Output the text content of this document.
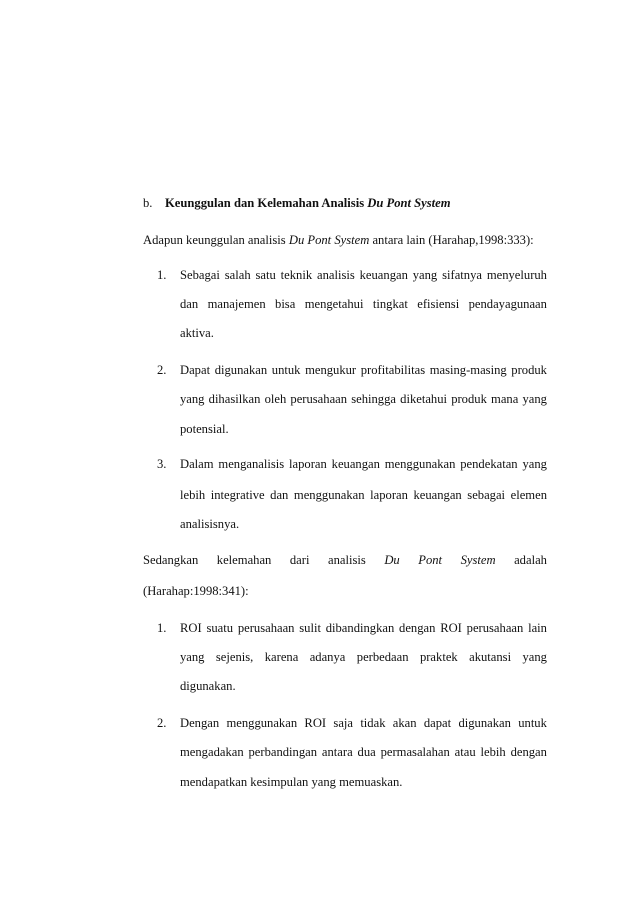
b. Keunggulan dan Kelemahan Analisis Du Pont System
Adapun keunggulan analisis Du Pont System antara lain (Harahap,1998:333):
1. Sebagai salah satu teknik analisis keuangan yang sifatnya menyeluruh
dan manajemen bisa mengetahui tingkat efisiensi pendayagunaan
aktiva.
2. Dapat digunakan untuk mengukur profitabilitas masing-masing produk
yang dihasilkan oleh perusahaan sehingga diketahui produk mana yang
potensial.
3. Dalam menganalisis laporan keuangan menggunakan pendekatan yang
lebih integrative dan menggunakan laporan keuangan sebagai elemen
analisisnya.
Sedangkan kelemahan dari analisis Du Pont System adalah
(Harahap:1998:341):
1. ROI suatu perusahaan sulit dibandingkan dengan ROI perusahaan lain
yang sejenis, karena adanya perbedaan praktek akutansi yang
digunakan.
2. Dengan menggunakan ROI saja tidak akan dapat digunakan untuk
mengadakan perbandingan antara dua permasalahan atau lebih dengan
mendapatkan kesimpulan yang memuaskan.
